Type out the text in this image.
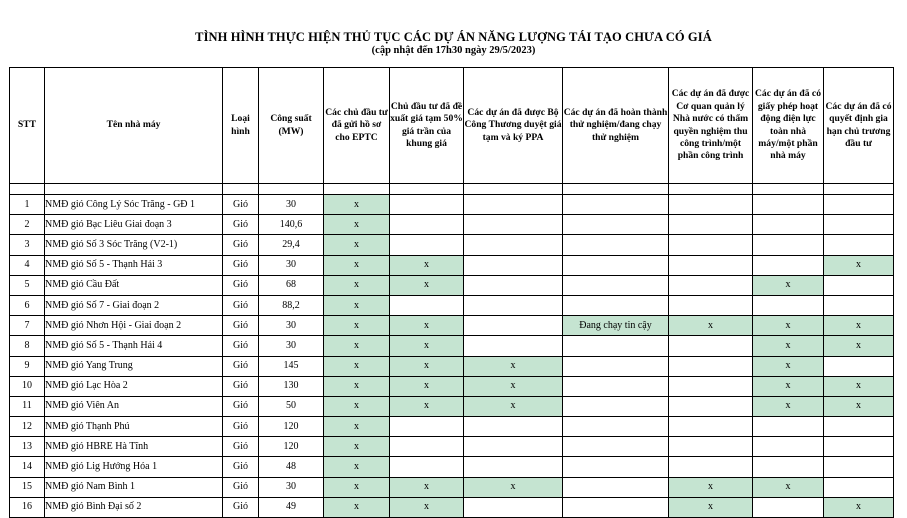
TÌNH HÌNH THỰC HIỆN THỦ TỤC CÁC DỰ ÁN NĂNG LƯỢNG TÁI TẠO CHƯA CÓ GIÁ
(cập nhật đến 17h30 ngày 29/5/2023)
STT	Tên nhà máy	Loại hình	Công suất (MW)	Các chủ đầu tư đã gửi hồ sơ cho EPTC	Chủ đầu tư đã đề xuất giá tạm 50% giá trần của khung giá	Các dự án đã được Bộ Công Thương duyệt giá tạm và ký PPA	Các dự án đã hoàn thành thử nghiệm/đang chạy thử nghiệm	Các dự án đã được Cơ quan quản lý Nhà nước có thẩm quyền nghiệm thu công trình/một phần công trình	Các dự án đã có giấy phép hoạt động điện lực toàn nhà máy/một phần nhà máy	Các dự án đã có quyết định gia hạn chủ trương đầu tư

1	NMĐ gió Công Lý Sóc Trăng - GĐ 1	Gió	30	x						
2	NMĐ gió Bạc Liêu Giai đoạn 3	Gió	140,6	x						
3	NMĐ gió Số 3 Sóc Trăng (V2-1)	Gió	29,4	x						
4	NMĐ gió Số 5 - Thạnh Hải 3	Gió	30	x	x					x
5	NMĐ gió Cầu Đất	Gió	68	x	x				x	
6	NMĐ gió Số 7 - Giai đoạn 2	Gió	88,2	x						
7	NMĐ gió Nhơn Hội - Giai đoạn 2	Gió	30	x	x		Đang chạy tin cậy	x	x	x
8	NMĐ gió Số 5 - Thạnh Hải 4	Gió	30	x	x				x	x
9	NMĐ gió Yang Trung	Gió	145	x	x	x			x	
10	NMĐ gió Lạc Hòa 2	Gió	130	x	x	x			x	x
11	NMĐ gió Viên An	Gió	50	x	x	x			x	x
12	NMĐ gió Thạnh Phú	Gió	120	x						
13	NMĐ gió HBRE Hà Tĩnh	Gió	120	x						
14	NMĐ gió Lig Hướng Hóa 1	Gió	48	x						
15	NMĐ gió Nam Bình 1	Gió	30	x	x	x		x	x	
16	NMĐ gió Bình Đại số 2	Gió	49	x	x			x		x
